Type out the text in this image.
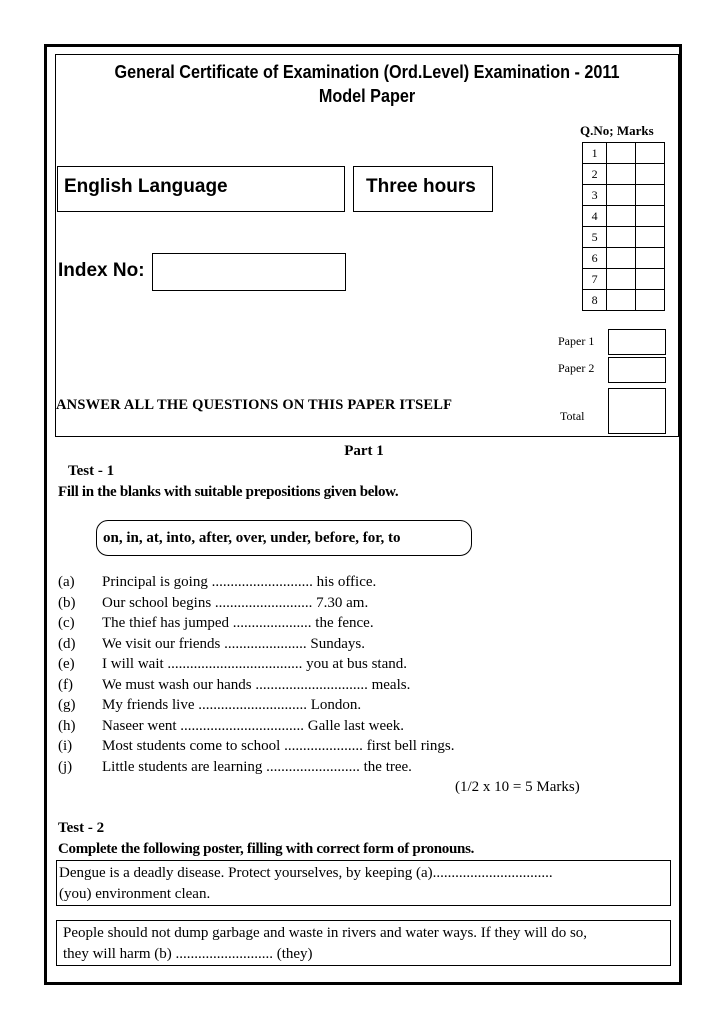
General Certificate of Examination (Ord.Level) Examination - 2011
Model Paper
English Language	Three hours
Index No:
Q.No; Marks
1		
2		
3		
4		
5		
6		
7		
8		
Paper 1
Paper 2
Total
ANSWER ALL THE QUESTIONS ON THIS PAPER ITSELF
Part 1
Test - 1
Fill in the blanks with suitable prepositions given below.
on, in, at, into, after, over, under, before, for, to
(a) Principal is going ........................... his office.
(b) Our school begins .......................... 7.30 am.
(c) The thief has jumped ..................... the fence.
(d) We visit our friends ...................... Sundays.
(e) I will wait .................................... you at bus stand.
(f) We must wash our hands .............................. meals.
(g) My friends live ............................. London.
(h) Naseer went ................................. Galle last week.
(i) Most students come to school ..................... first bell rings.
(j) Little students are learning ......................... the tree.
(1/2 x 10 = 5 Marks)
Test - 2
Complete the following poster, filling with correct form of pronouns.
Dengue is a deadly disease. Protect yourselves, by keeping (a)................................
(you) environment clean.
People should not dump garbage and waste in rivers and water ways. If they will do so,
they will harm (b) .......................... (they)
